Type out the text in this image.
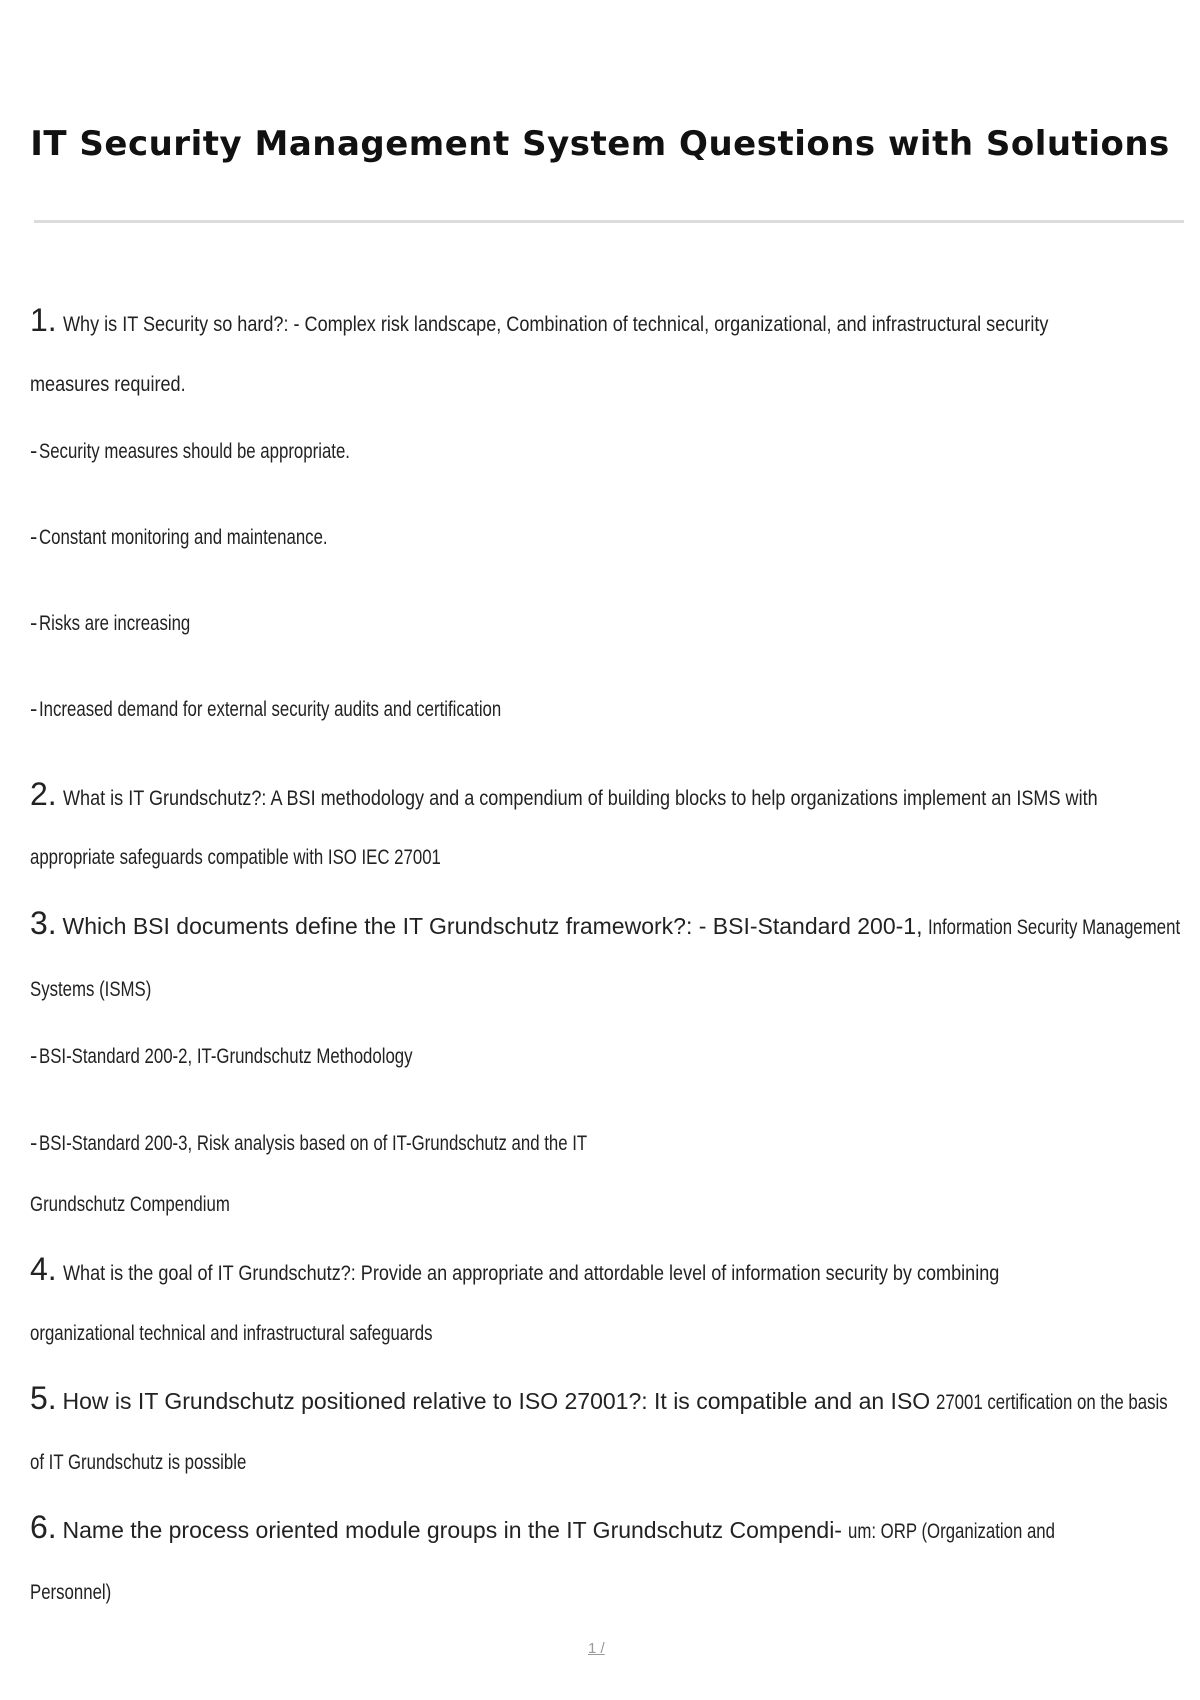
IT Security Management System Questions with Solutions
1. Why is IT Security so hard?: - Complex risk landscape, Combination of technical, organizational, and infrastructural security
measures required.
-Security measures should be appropriate.
-Constant monitoring and maintenance.
-Risks are increasing
-Increased demand for external security audits and certification
2. What is IT Grundschutz?: A BSI methodology and a compendium of building blocks to help organizations implement an ISMS with
appropriate safeguards compatible with ISO IEC 27001
3. Which BSI documents define the IT Grundschutz framework?: - BSI-Standard 200-1, Information Security Management
Systems (ISMS)
-BSI-Standard 200-2, IT-Grundschutz Methodology
-BSI-Standard 200-3, Risk analysis based on of IT-Grundschutz and the IT
Grundschutz Compendium
4. What is the goal of IT Grundschutz?: Provide an appropriate and attordable level of information security by combining
organizational technical and infrastructural safeguards
5. How is IT Grundschutz positioned relative to ISO 27001?: It is compatible and an ISO 27001 certification on the basis
of IT Grundschutz is possible
6. Name the process oriented module groups in the IT Grundschutz Compendi- um: ORP (Organization and
Personnel)
1 /
